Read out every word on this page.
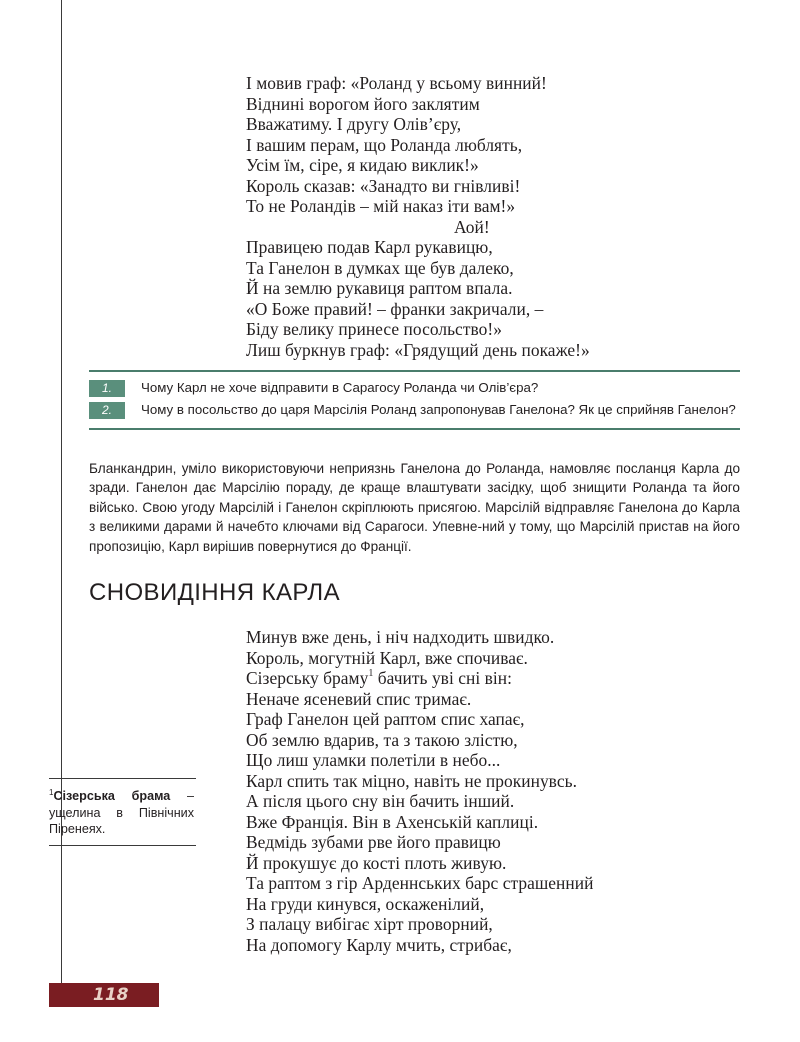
І мовив граф: «Роланд у всьому винний!
Віднині ворогом його заклятим
Вважатиму. І другу Олів’єру,
І вашим перам, що Роланда люблять,
Усім їм, сіре, я кидаю виклик!»
Король сказав: «Занадто ви гнівливі!
То не Роландів – мій наказ іти вам!»
Аой!
Правицею подав Карл рукавицю,
Та Ганелон в думках ще був далеко,
Й на землю рукавиця раптом впала.
«О Боже правий! – франки закричали, –
Біду велику принесе посольство!»
Лиш буркнув граф: «Грядущий день покаже!»
1.	Чому Карл не хоче відправити в Сарагосу Роланда чи Олів’єра?
2.	Чому в посольство до царя Марсілія Роланд запропонував Ганелона? Як це сприйняв Ганелон?

Бланкандрин, уміло використовуючи неприязнь Ганелона до Роланда, намовляє посланця Карла до зради. Ганелон дає Марсілію пораду, де краще влаштувати засідку, щоб знищити Роланда та його військо. Свою угоду Марсілій і Ганелон скріплюють присягою. Марсілій відправляє Ганелона до Карла з великими дарами й начебто ключами від Сарагоси. Упевне-ний у тому, що Марсілій пристав на його пропозицію, Карл вирішив повернутися до Франції.

СНОВИДІННЯ КАРЛА
Минув вже день, і ніч надходить швидко.
Король, могутній Карл, вже спочиває.
Сізерську браму$^1$ бачить уві сні він:
Неначе ясеневий спис тримає.
Граф Ганелон цей раптом спис хапає,
Об землю вдарив, та з такою злістю,
Що лиш уламки полетіли в небо...
Карл спить так міцно, навіть не прокинувсь.
А після цього сну він бачить інший.
Вже Франція. Він в Ахенській каплиці.
Ведмідь зубами рве його правицю
Й прокушує до кості плоть живую.
Та раптом з гір Арденнських барс страшенний
На груди кинувся, оскаженілий,
З палацу вибігає хірт проворний,
На допомогу Карлу мчить, стрибає,
$^1$Сізерська брама – ущелина в Північних Піренеях.
118
